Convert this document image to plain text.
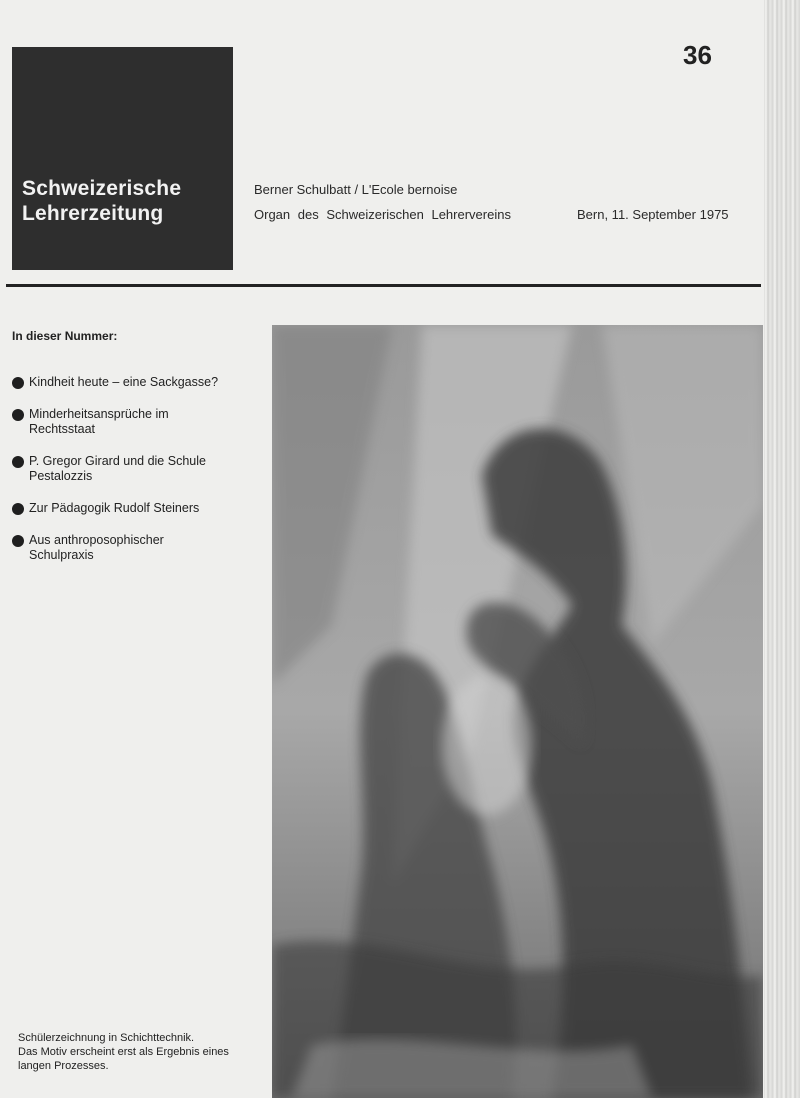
Schweizerische
Lehrerzeitung
36
Berner Schulbatt / L'Ecole bernoise
Organ des Schweizerischen Lehrervereins	Bern, 11. September 1975
In dieser Nummer:
Kindheit heute – eine Sackgasse?
Minderheitsansprüche im
Rechtsstaat
P. Gregor Girard und die Schule
Pestalozzis
Zur Pädagogik Rudolf Steiners
Aus anthroposophischer
Schulpraxis
Schülerzeichnung in Schichttechnik.
Das Motiv erscheint erst als Ergebnis eines
langen Prozesses.
